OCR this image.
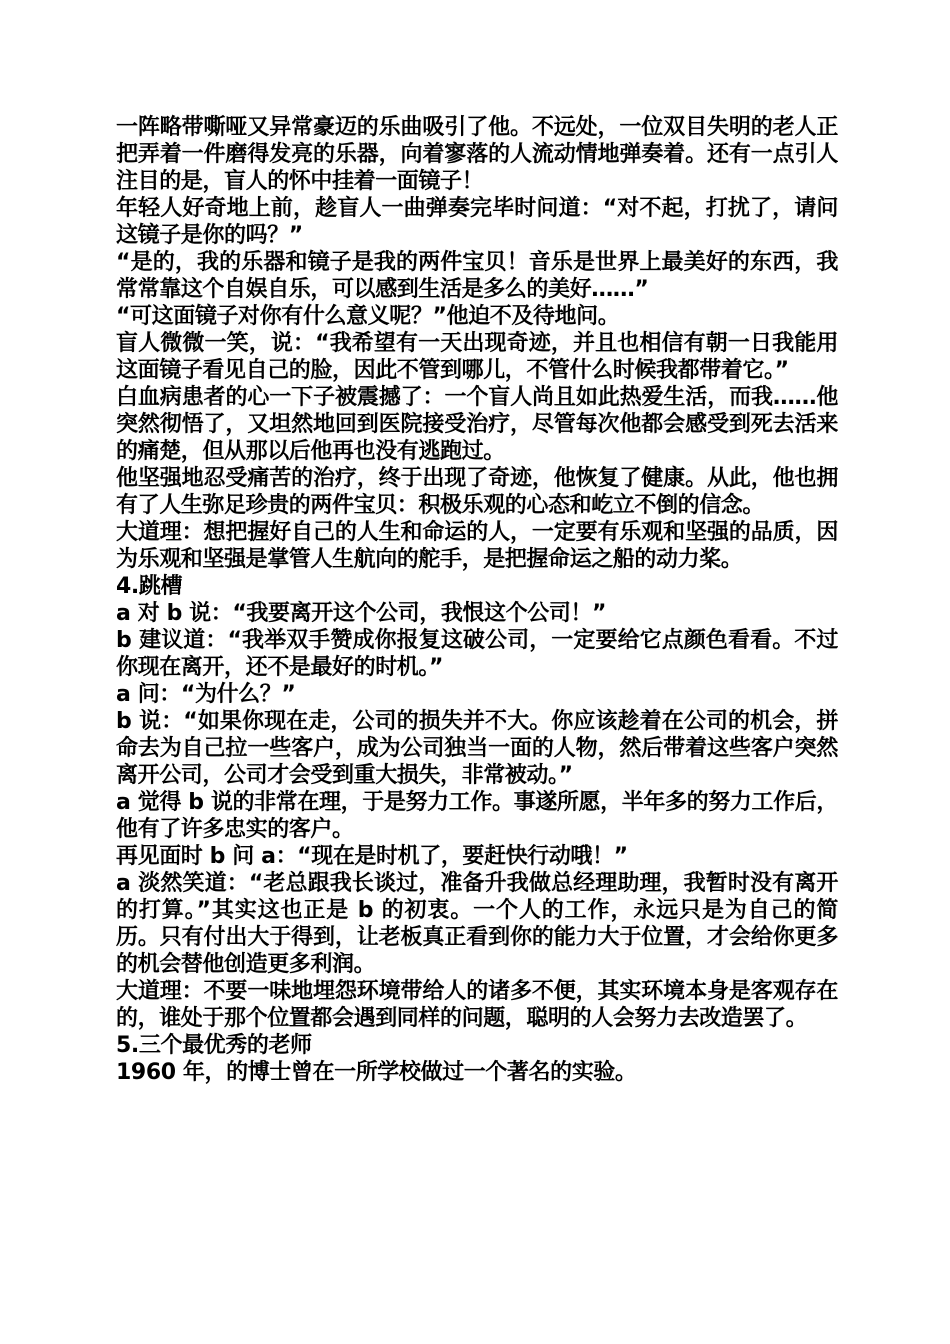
一阵略带嘶哑又异常豪迈的乐曲吸引了他。不远处，一位双目失明的老人正把弄着一件磨得发亮的乐器，向着寥落的人流动情地弹奏着。还有一点引人注目的是，盲人的怀中挂着一面镜子！

年轻人好奇地上前，趁盲人一曲弹奏完毕时问道：“对不起，打扰了，请问这镜子是你的吗？”

“是的，我的乐器和镜子是我的两件宝贝！音乐是世界上最美好的东西，我常常靠这个自娱自乐，可以感到生活是多么的美好……”

“可这面镜子对你有什么意义呢？”他迫不及待地问。

盲人微微一笑，说：“我希望有一天出现奇迹，并且也相信有朝一日我能用这面镜子看见自己的脸，因此不管到哪儿，不管什么时候我都带着它。”

白血病患者的心一下子被震撼了：一个盲人尚且如此热爱生活，而我……他突然彻悟了，又坦然地回到医院接受治疗，尽管每次他都会感受到死去活来的痛楚，但从那以后他再也没有逃跑过。

他坚强地忍受痛苦的治疗，终于出现了奇迹，他恢复了健康。从此，他也拥有了人生弥足珍贵的两件宝贝：积极乐观的心态和屹立不倒的信念。

大道理：想把握好自己的人生和命运的人，一定要有乐观和坚强的品质，因为乐观和坚强是掌管人生航向的舵手，是把握命运之船的动力桨。

4.跳槽

a 对 b 说：“我要离开这个公司，我恨这个公司！”

b 建议道：“我举双手赞成你报复这破公司，一定要给它点颜色看看。不过你现在离开，还不是最好的时机。”

a 问：“为什么？”

b 说：“如果你现在走，公司的损失并不大。你应该趁着在公司的机会，拼命去为自己拉一些客户，成为公司独当一面的人物，然后带着这些客户突然离开公司，公司才会受到重大损失，非常被动。”

a 觉得 b 说的非常在理，于是努力工作。事遂所愿，半年多的努力工作后，他有了许多忠实的客户。

再见面时 b 问 a：“现在是时机了，要赶快行动哦！”

a 淡然笑道：“老总跟我长谈过，准备升我做总经理助理，我暂时没有离开的打算。”其实这也正是 b 的初衷。一个人的工作，永远只是为自己的简历。只有付出大于得到，让老板真正看到你的能力大于位置，才会给你更多的机会替他创造更多利润。

大道理：不要一味地埋怨环境带给人的诸多不便，其实环境本身是客观存在的，谁处于那个位置都会遇到同样的问题，聪明的人会努力去改造罢了。

5.三个最优秀的老师

1960 年，的博士曾在一所学校做过一个著名的实验。
